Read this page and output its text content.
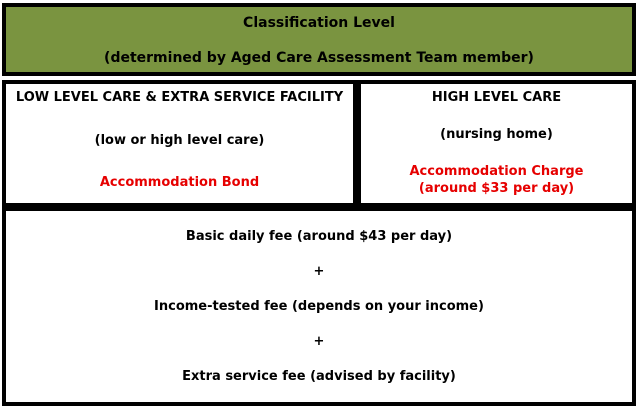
Classification Level
(determined by Aged Care Assessment Team member)
LOW LEVEL CARE & EXTRA SERVICE FACILITY
(low or high level care)
Accommodation Bond
HIGH LEVEL CARE
(nursing home)
Accommodation Charge
(around $33 per day)
Basic daily fee (around $43 per day)
+
Income-tested fee (depends on your income)
+
Extra service fee (advised by facility)
